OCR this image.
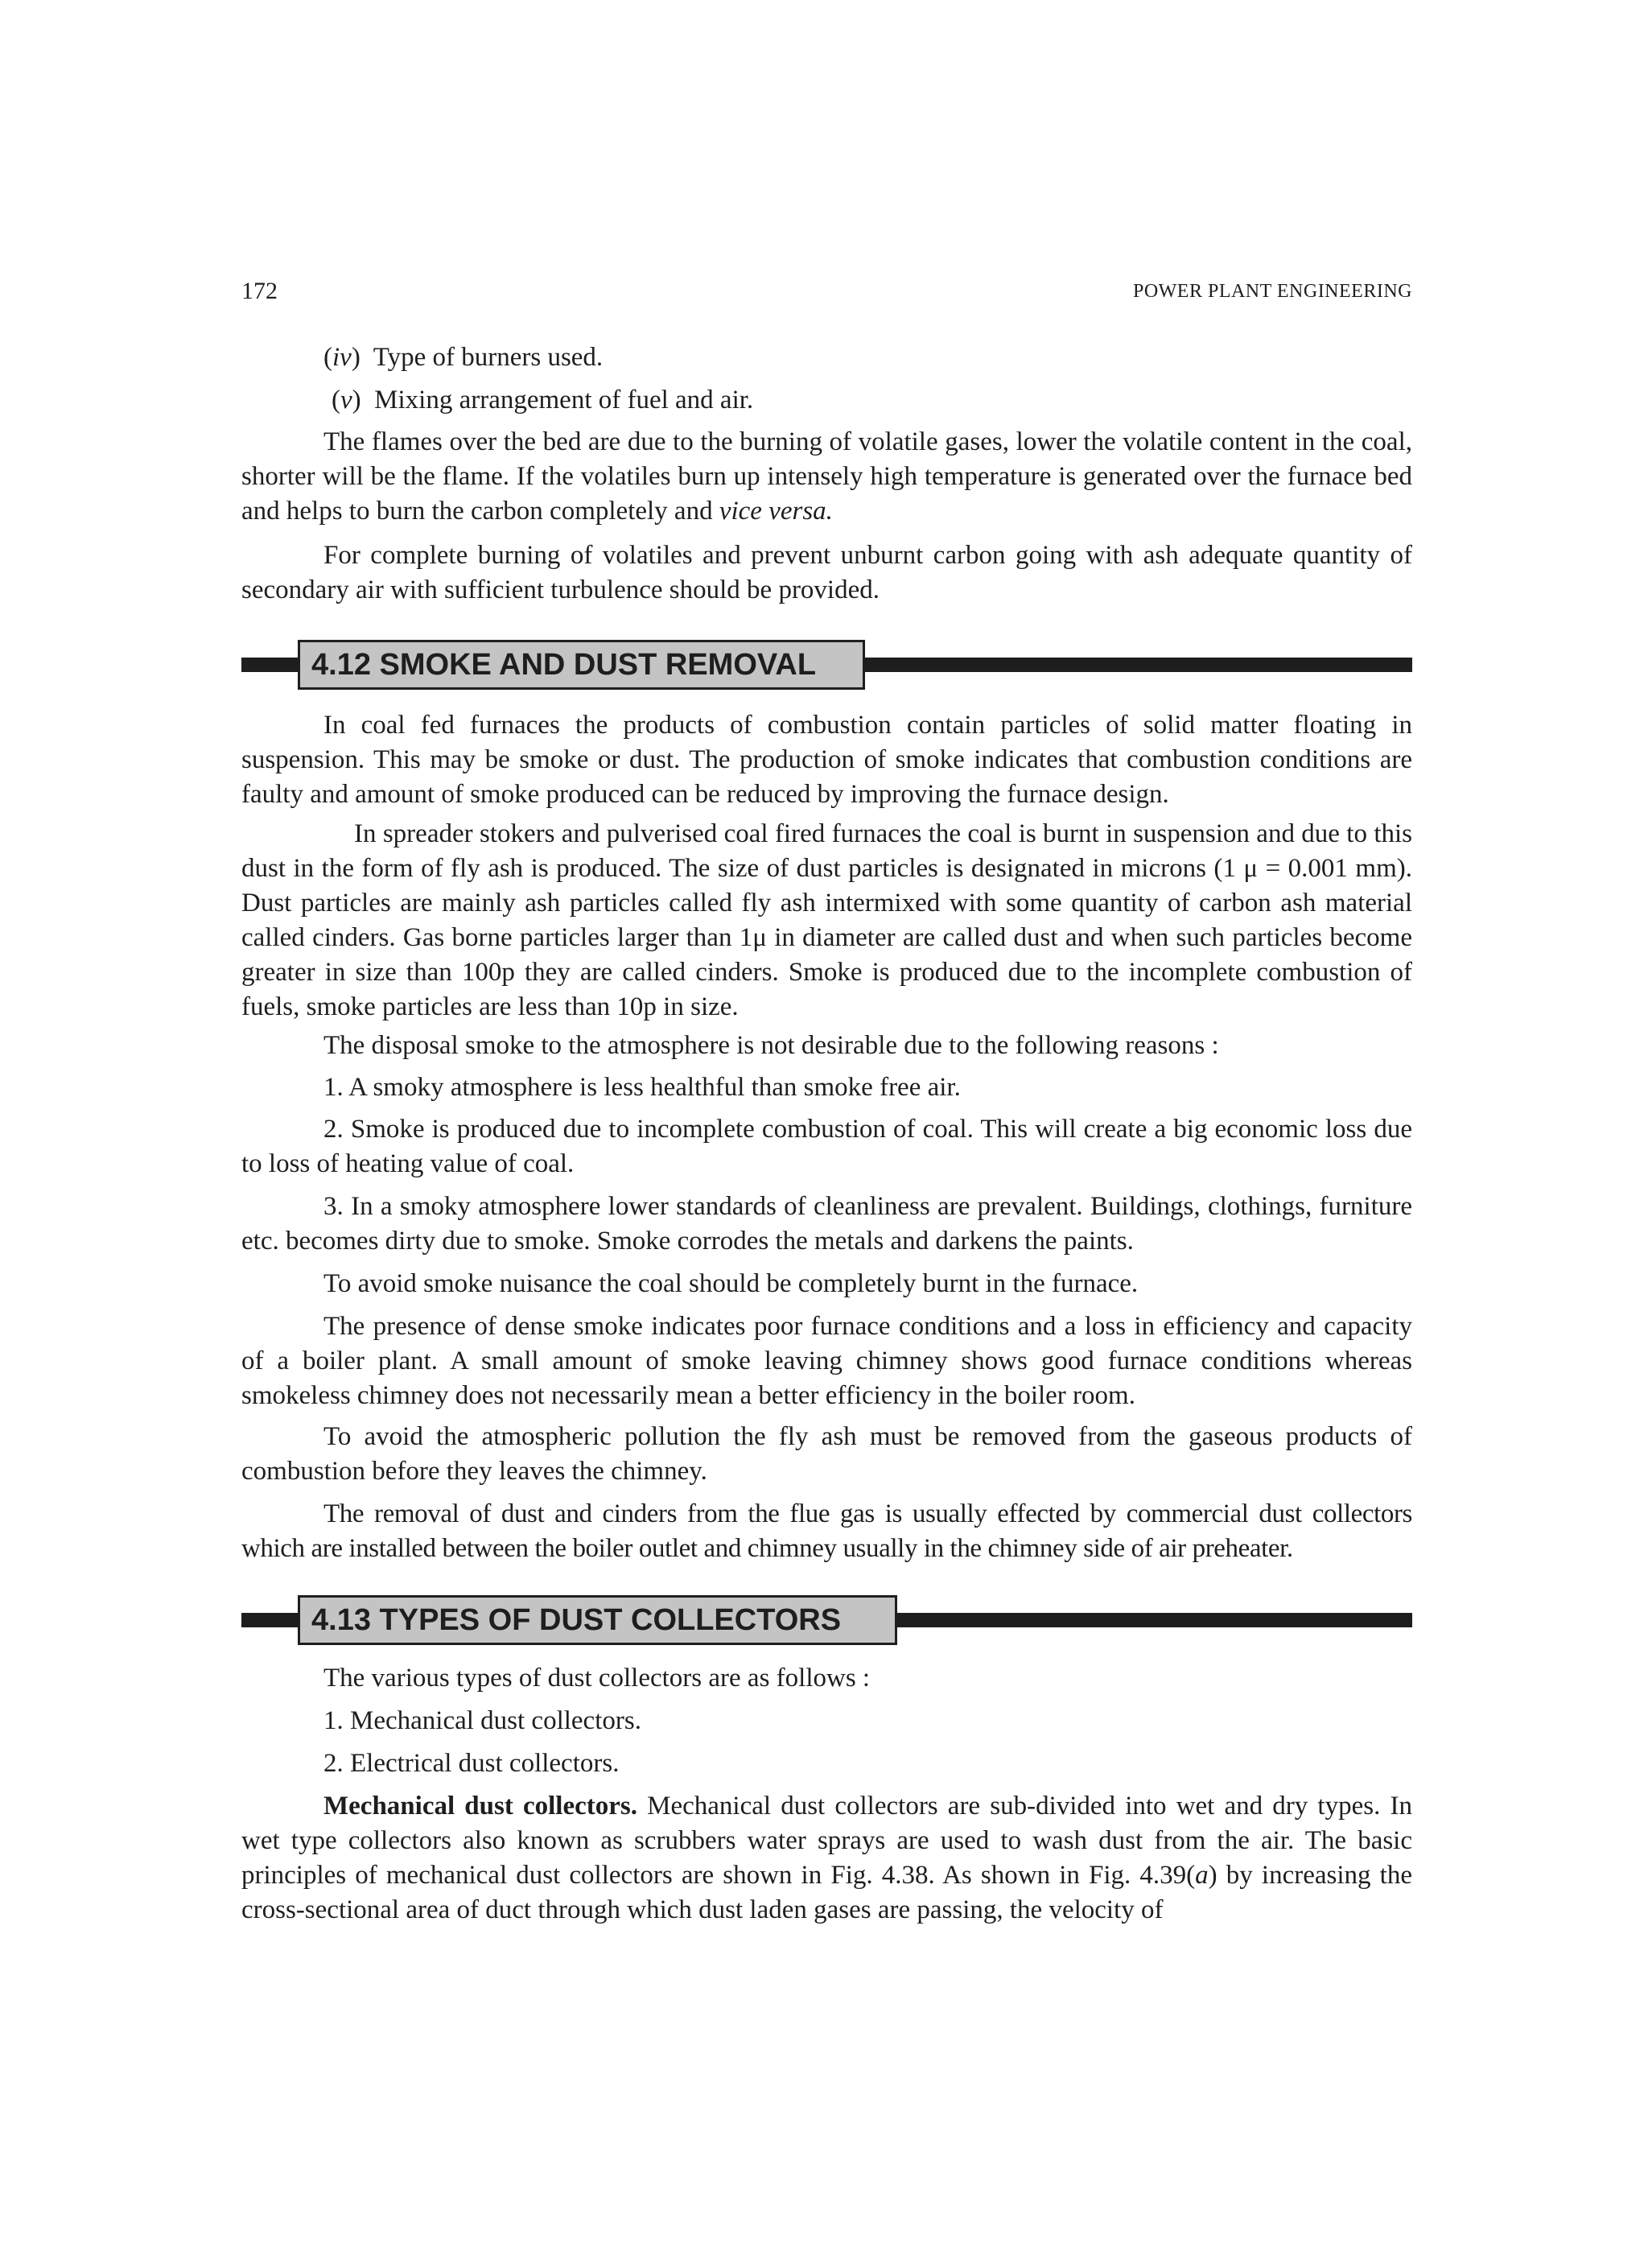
172	POWER PLANT ENGINEERING

(iv)  Type of burners used.

(v)  Mixing arrangement of fuel and air.

The flames over the bed are due to the burning of volatile gases, lower the volatile content in the coal, shorter will be the flame. If the volatiles burn up intensely high temperature is generated over the furnace bed and helps to burn the carbon completely and vice versa.

For complete burning of volatiles and prevent unburnt carbon going with ash adequate quantity of secondary air with sufficient turbulence should be provided.

4.12 SMOKE AND DUST REMOVAL

In coal fed furnaces the products of combustion contain particles of solid matter floating in suspension. This may be smoke or dust. The production of smoke indicates that combustion conditions are faulty and amount of smoke produced can be reduced by improving the furnace design.

In spreader stokers and pulverised coal fired furnaces the coal is burnt in suspension and due to this dust in the form of fly ash is produced. The size of dust particles is designated in microns (1 μ = 0.001 mm). Dust particles are mainly ash particles called fly ash intermixed with some quantity of carbon ash material called cinders. Gas borne particles larger than 1μ in diameter are called dust and when such particles become greater in size than 100p they are called cinders. Smoke is produced due to the incomplete combustion of fuels, smoke particles are less than 10p in size.

The disposal smoke to the atmosphere is not desirable due to the following reasons :

1. A smoky atmosphere is less healthful than smoke free air.

2. Smoke is produced due to incomplete combustion of coal. This will create a big economic loss due to loss of heating value of coal.

3. In a smoky atmosphere lower standards of cleanliness are prevalent. Buildings, clothings, furniture etc. becomes dirty due to smoke. Smoke corrodes the metals and darkens the paints.

To avoid smoke nuisance the coal should be completely burnt in the furnace.

The presence of dense smoke indicates poor furnace conditions and a loss in efficiency and capacity of a boiler plant. A small amount of smoke leaving chimney shows good furnace conditions whereas smokeless chimney does not necessarily mean a better efficiency in the boiler room.

To avoid the atmospheric pollution the fly ash must be removed from the gaseous products of combustion before they leaves the chimney.

The removal of dust and cinders from the flue gas is usually effected by commercial dust collectors which are installed between the boiler outlet and chimney usually in the chimney side of air preheater.

4.13 TYPES OF DUST COLLECTORS

The various types of dust collectors are as follows :

1. Mechanical dust collectors.

2. Electrical dust collectors.

Mechanical dust collectors. Mechanical dust collectors are sub-divided into wet and dry types. In wet type collectors also known as scrubbers water sprays are used to wash dust from the air. The basic principles of mechanical dust collectors are shown in Fig. 4.38. As shown in Fig. 4.39(a) by increasing the cross-sectional area of duct through which dust laden gases are passing, the velocity of
